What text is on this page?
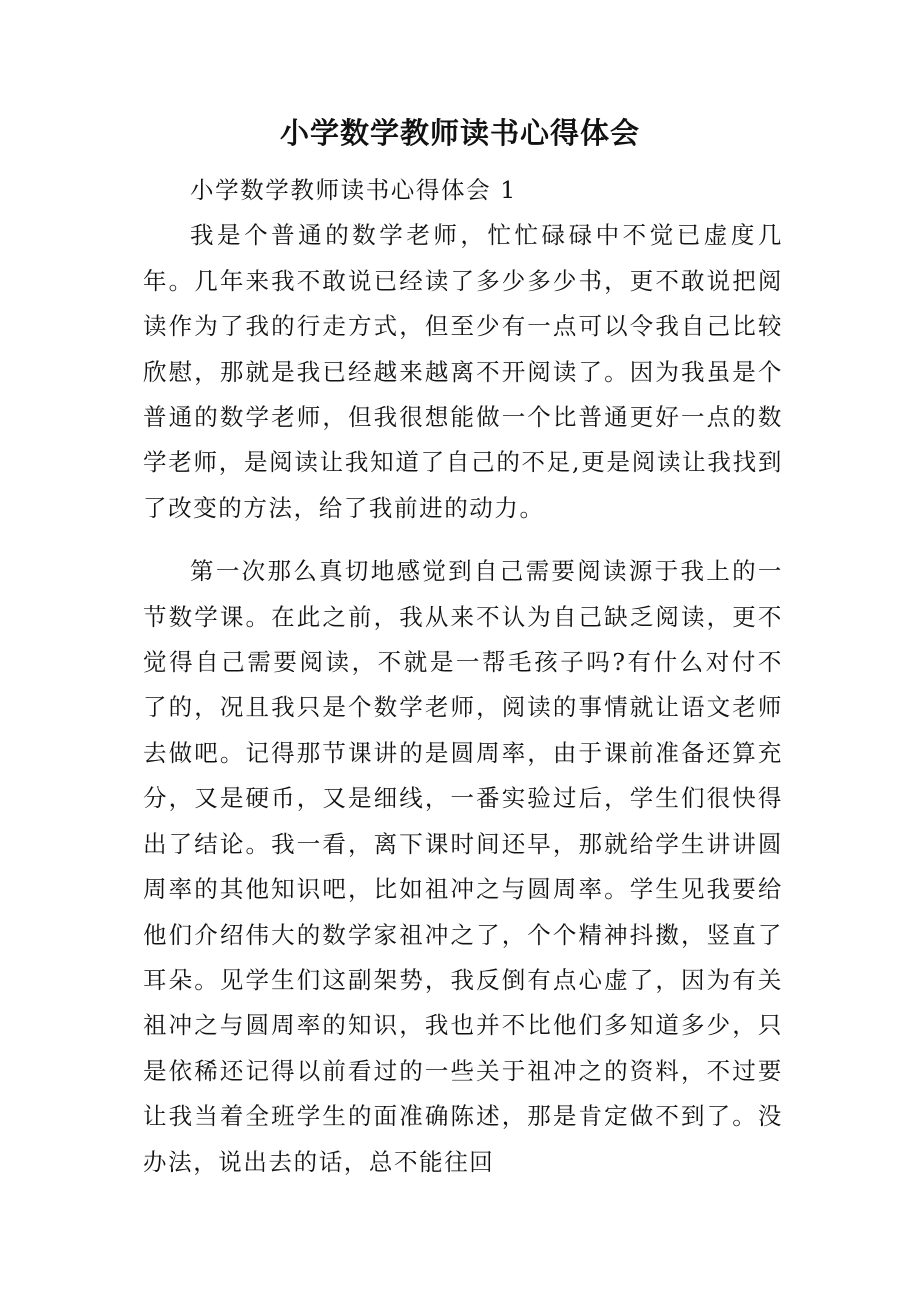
小学数学教师读书心得体会

小学数学教师读书心得体会 1

我是个普通的数学老师，忙忙碌碌中不觉已虚度几年。几年来我不敢说已经读了多少多少书，更不敢说把阅读作为了我的行走方式，但至少有一点可以令我自己比较欣慰，那就是我已经越来越离不开阅读了。因为我虽是个普通的数学老师，但我很想能做一个比普通更好一点的数学老师，是阅读让我知道了自己的不足,更是阅读让我找到了改变的方法，给了我前进的动力。

第一次那么真切地感觉到自己需要阅读源于我上的一节数学课。在此之前，我从来不认为自己缺乏阅读，更不觉得自己需要阅读，不就是一帮毛孩子吗?有什么对付不了的，况且我只是个数学老师，阅读的事情就让语文老师去做吧。记得那节课讲的是圆周率，由于课前准备还算充分，又是硬币，又是细线，一番实验过后，学生们很快得出了结论。我一看，离下课时间还早，那就给学生讲讲圆周率的其他知识吧，比如祖冲之与圆周率。学生见我要给他们介绍伟大的数学家祖冲之了，个个精神抖擞，竖直了耳朵。见学生们这副架势，我反倒有点心虚了，因为有关祖冲之与圆周率的知识，我也并不比他们多知道多少，只是依稀还记得以前看过的一些关于祖冲之的资料，不过要让我当着全班学生的面准确陈述，那是肯定做不到了。没办法，说出去的话，总不能往回
